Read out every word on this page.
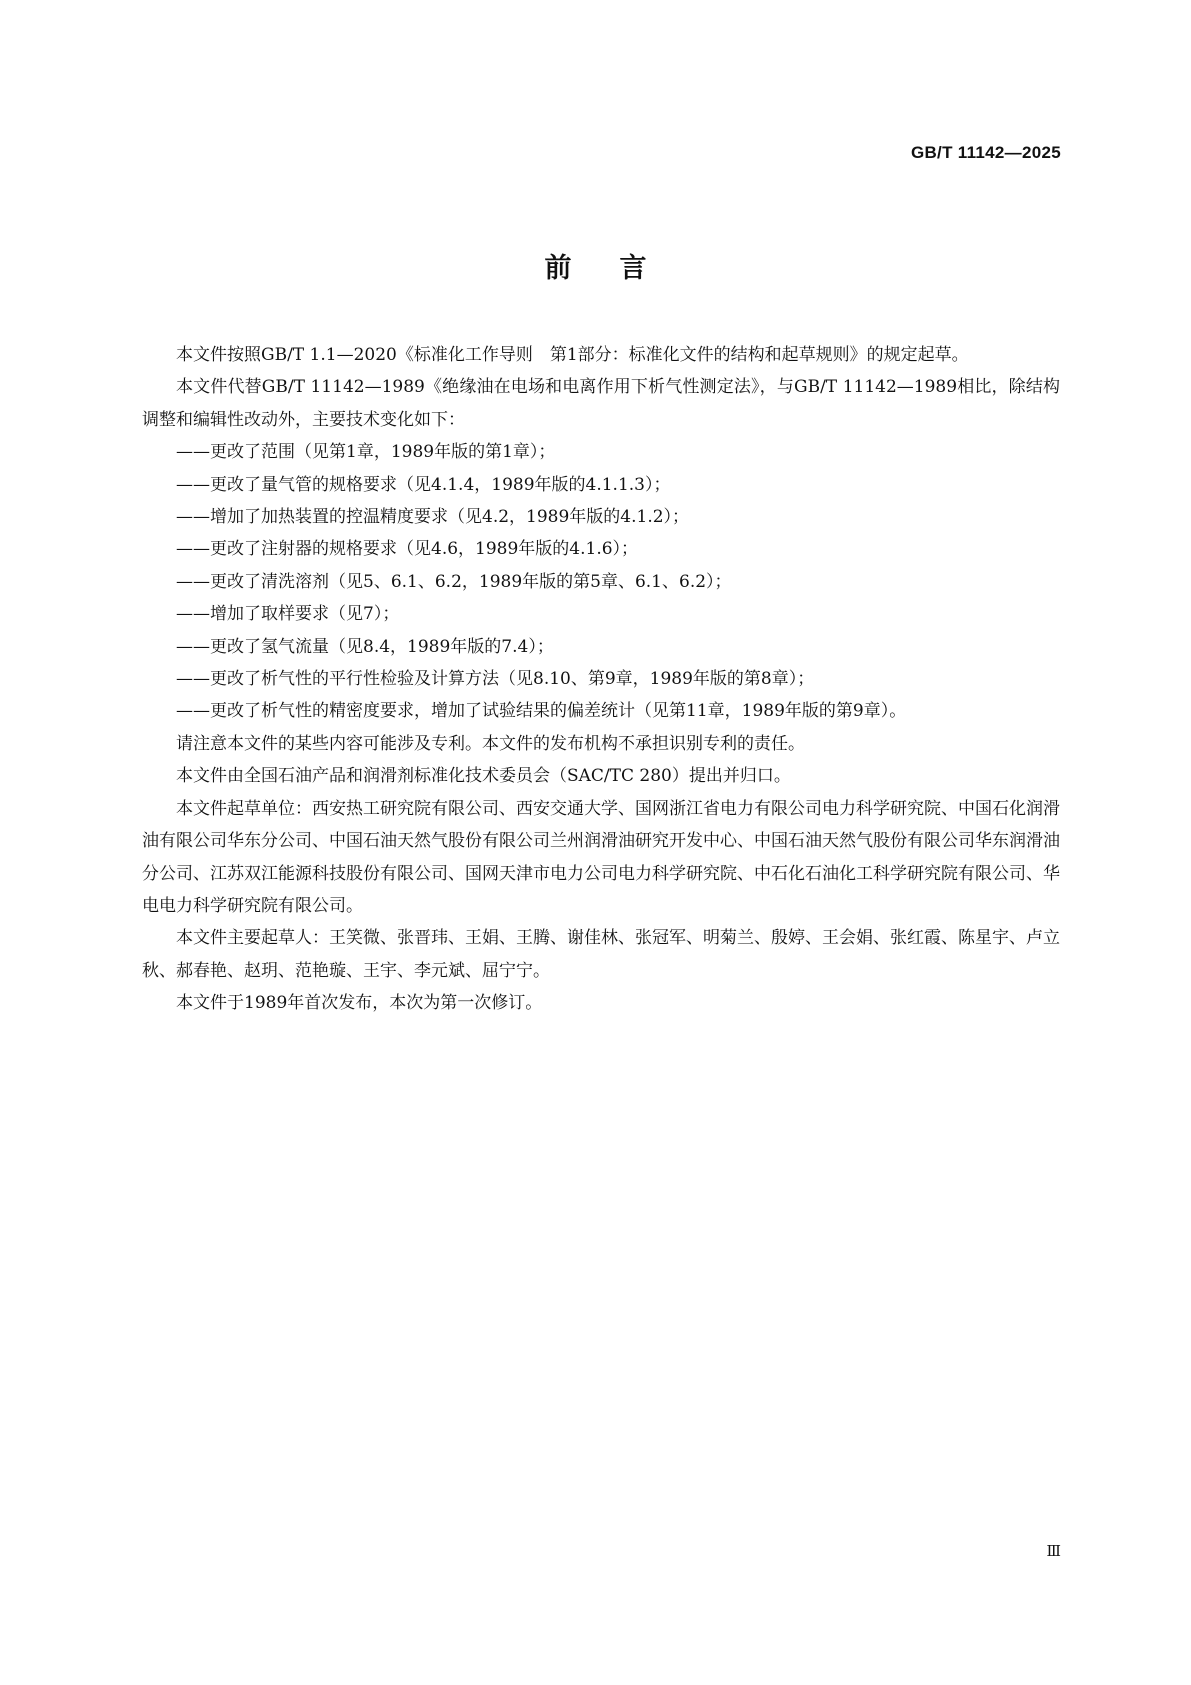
GB/T 11142—2025
前言

本文件按照GB/T 1.1—2020《标准化工作导则　第1部分：标准化文件的结构和起草规则》的规定起草。

本文件代替GB/T 11142—1989《绝缘油在电场和电离作用下析气性测定法》，与GB/T 11142—1989相比，除结构调整和编辑性改动外，主要技术变化如下：

——更改了范围（见第1章，1989年版的第1章）；

——更改了量气管的规格要求（见4.1.4，1989年版的4.1.1.3）；

——增加了加热装置的控温精度要求（见4.2，1989年版的4.1.2）；

——更改了注射器的规格要求（见4.6，1989年版的4.1.6）；

——更改了清洗溶剂（见5、6.1、6.2，1989年版的第5章、6.1、6.2）；

——增加了取样要求（见7）；

——更改了氢气流量（见8.4，1989年版的7.4）；

——更改了析气性的平行性检验及计算方法（见8.10、第9章，1989年版的第8章）；

——更改了析气性的精密度要求，增加了试验结果的偏差统计（见第11章，1989年版的第9章）。

请注意本文件的某些内容可能涉及专利。本文件的发布机构不承担识别专利的责任。

本文件由全国石油产品和润滑剂标准化技术委员会（SAC/TC 280）提出并归口。

本文件起草单位：西安热工研究院有限公司、西安交通大学、国网浙江省电力有限公司电力科学研究院、中国石化润滑油有限公司华东分公司、中国石油天然气股份有限公司兰州润滑油研究开发中心、中国石油天然气股份有限公司华东润滑油分公司、江苏双江能源科技股份有限公司、国网天津市电力公司电力科学研究院、中石化石油化工科学研究院有限公司、华电电力科学研究院有限公司。

本文件主要起草人：王笑微、张晋玮、王娟、王腾、谢佳林、张冠军、明菊兰、殷婷、王会娟、张红霞、陈星宇、卢立秋、郝春艳、赵玥、范艳璇、王宇、李元斌、屈宁宁。

本文件于1989年首次发布，本次为第一次修订。

Ⅲ
